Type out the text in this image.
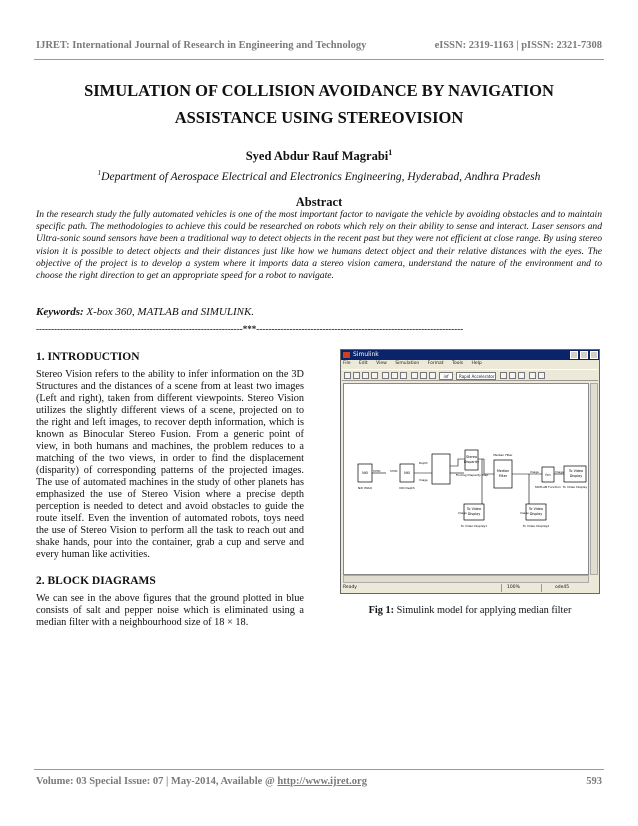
IJRET: International Journal of Research in Engineering and Technology	eISSN: 2319-1163 | pISSN: 2321-7308
SIMULATION OF COLLISION AVOIDANCE BY NAVIGATION
ASSISTANCE USING STEREOVISION
Syed Abdur Rauf Magrabi$^1$
$^1$Department of Aerospace Electrical and Electronics Engineering, Hyderabad, Andhra Pradesh
Abstract
In the research study the fully automated vehicles is one of the most important factor to navigate the vehicle by avoiding obstacles and to maintain specific path. The methodologies to achieve this could be researched on robots which rely on their ability to sense and interact. Laser sensors and Ultra-sonic sound sensors have been a traditional way to detect objects in the recent past but they were not efficient at close range. By using stereo vision it is possible to detect objects and their distances just like how we humans detect object and their relative distances with the eyes. The objective of the project is to develop a system where it imports data a stereo vision camera, understand the nature of the environment and to choose the right direction to get an appropriate speed for a robot to navigate.
Keywords: X-box 360, MATLAB and SIMULINK.
---------------------------------------------------------------------***---------------------------------------------------------------------
1. INTRODUCTION
Stereo Vision refers to the ability to infer information on the 3D Structures and the distances of a scene from at least two images (Left and right), taken from different viewpoints. Stereo Vision utilizes the slightly different views of a scene, projected on to the right and left images, to recover depth information, which is known as Binocular Stereo Fusion. From a generic point of view, in both humans and machines, the problem reduces to a matching of the two views, in order to find the displacement (disparity) of corresponding patterns of the projected images. The use of automated machines in the study of other planets has emphasized the use of Stereo Vision where a precise depth perception is needed to detect and avoid obstacles to guide the route itself. Even the invention of automated robots, toys need the use of Stereo Vision to perform all the task to reach out and shake hands, pour into the container, grab a cup and serve and every human like activities.
2. BLOCK DIAGRAMS
We can see in the above figures that the ground plotted in blue consists of salt and pepper noise which is eliminated using a median filter with a neighbourhood size of 18 × 18.
Simulink
File Edit View Simulation Format Tools Help
inf	Rapid Accelerator
NXI	NXI
Stereo
Disparity
Median
Filter	fcn
To Video
Display
To Video
Display
To Video
Display
SYNC	SYNC
Depth
Image
Image
Image
Image	Image
Median Filter
MATLAB Function
Finding Disparity Map
To Video Display
To Video Display1	To Video Display2
NXI IMAQ	NXI Depth
Ready	100%	ode45
Fig 1: Simulink model for applying median filter
Volume: 03 Special Issue: 07 | May-2014, Available @ http://www.ijret.org	593
